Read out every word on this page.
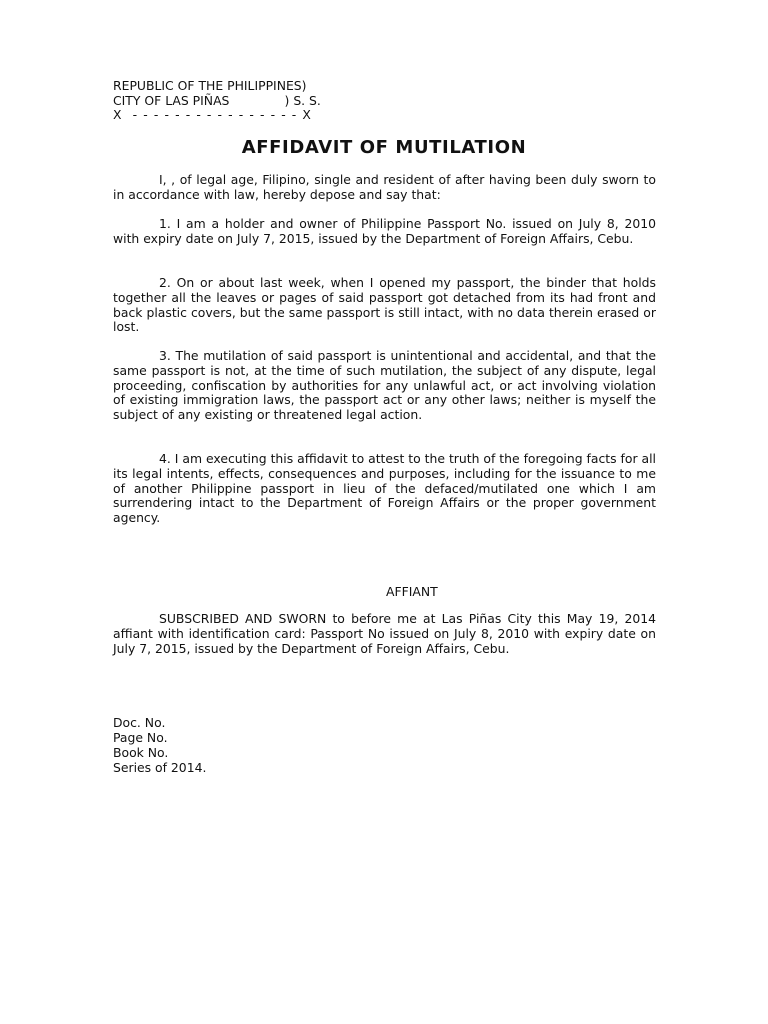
REPUBLIC OF THE PHILIPPINES)
CITY OF LAS PIÑAS              ) S. S.
X  - - - - - - - - - - - - - - - - X
AFFIDAVIT OF MUTILATION

I, , of legal age, Filipino, single and resident of after having been duly sworn to in accordance with law, hereby depose and say that:

1. I am a holder and owner of Philippine Passport No. issued on July 8, 2010 with expiry date on July 7, 2015, issued by the Department of Foreign Affairs, Cebu.

2. On or about last week, when I opened my passport, the binder that holds together all the leaves or pages of said passport got detached from its had front and back plastic covers, but the same passport is still intact, with no data therein erased or lost.

3. The mutilation of said passport is unintentional and accidental, and that the same passport is not, at the time of such mutilation, the subject of any dispute, legal proceeding, confiscation by authorities for any unlawful act, or act involving violation of existing immigration laws, the passport act or any other laws; neither is myself the subject of any existing or threatened legal action.

4. I am executing this affidavit to attest to the truth of the foregoing facts for all its legal intents, effects, consequences and purposes, including for the issuance to me of another Philippine passport in lieu of the defaced/mutilated one which I am surrendering intact to the Department of Foreign Affairs or the proper government agency.

AFFIANT

SUBSCRIBED AND SWORN to before me at Las Piñas City this May 19, 2014 affiant with identification card: Passport No issued on July 8, 2010 with expiry date on July 7, 2015, issued by the Department of Foreign Affairs, Cebu.

Doc. No.
Page No.
Book No.
Series of 2014.
